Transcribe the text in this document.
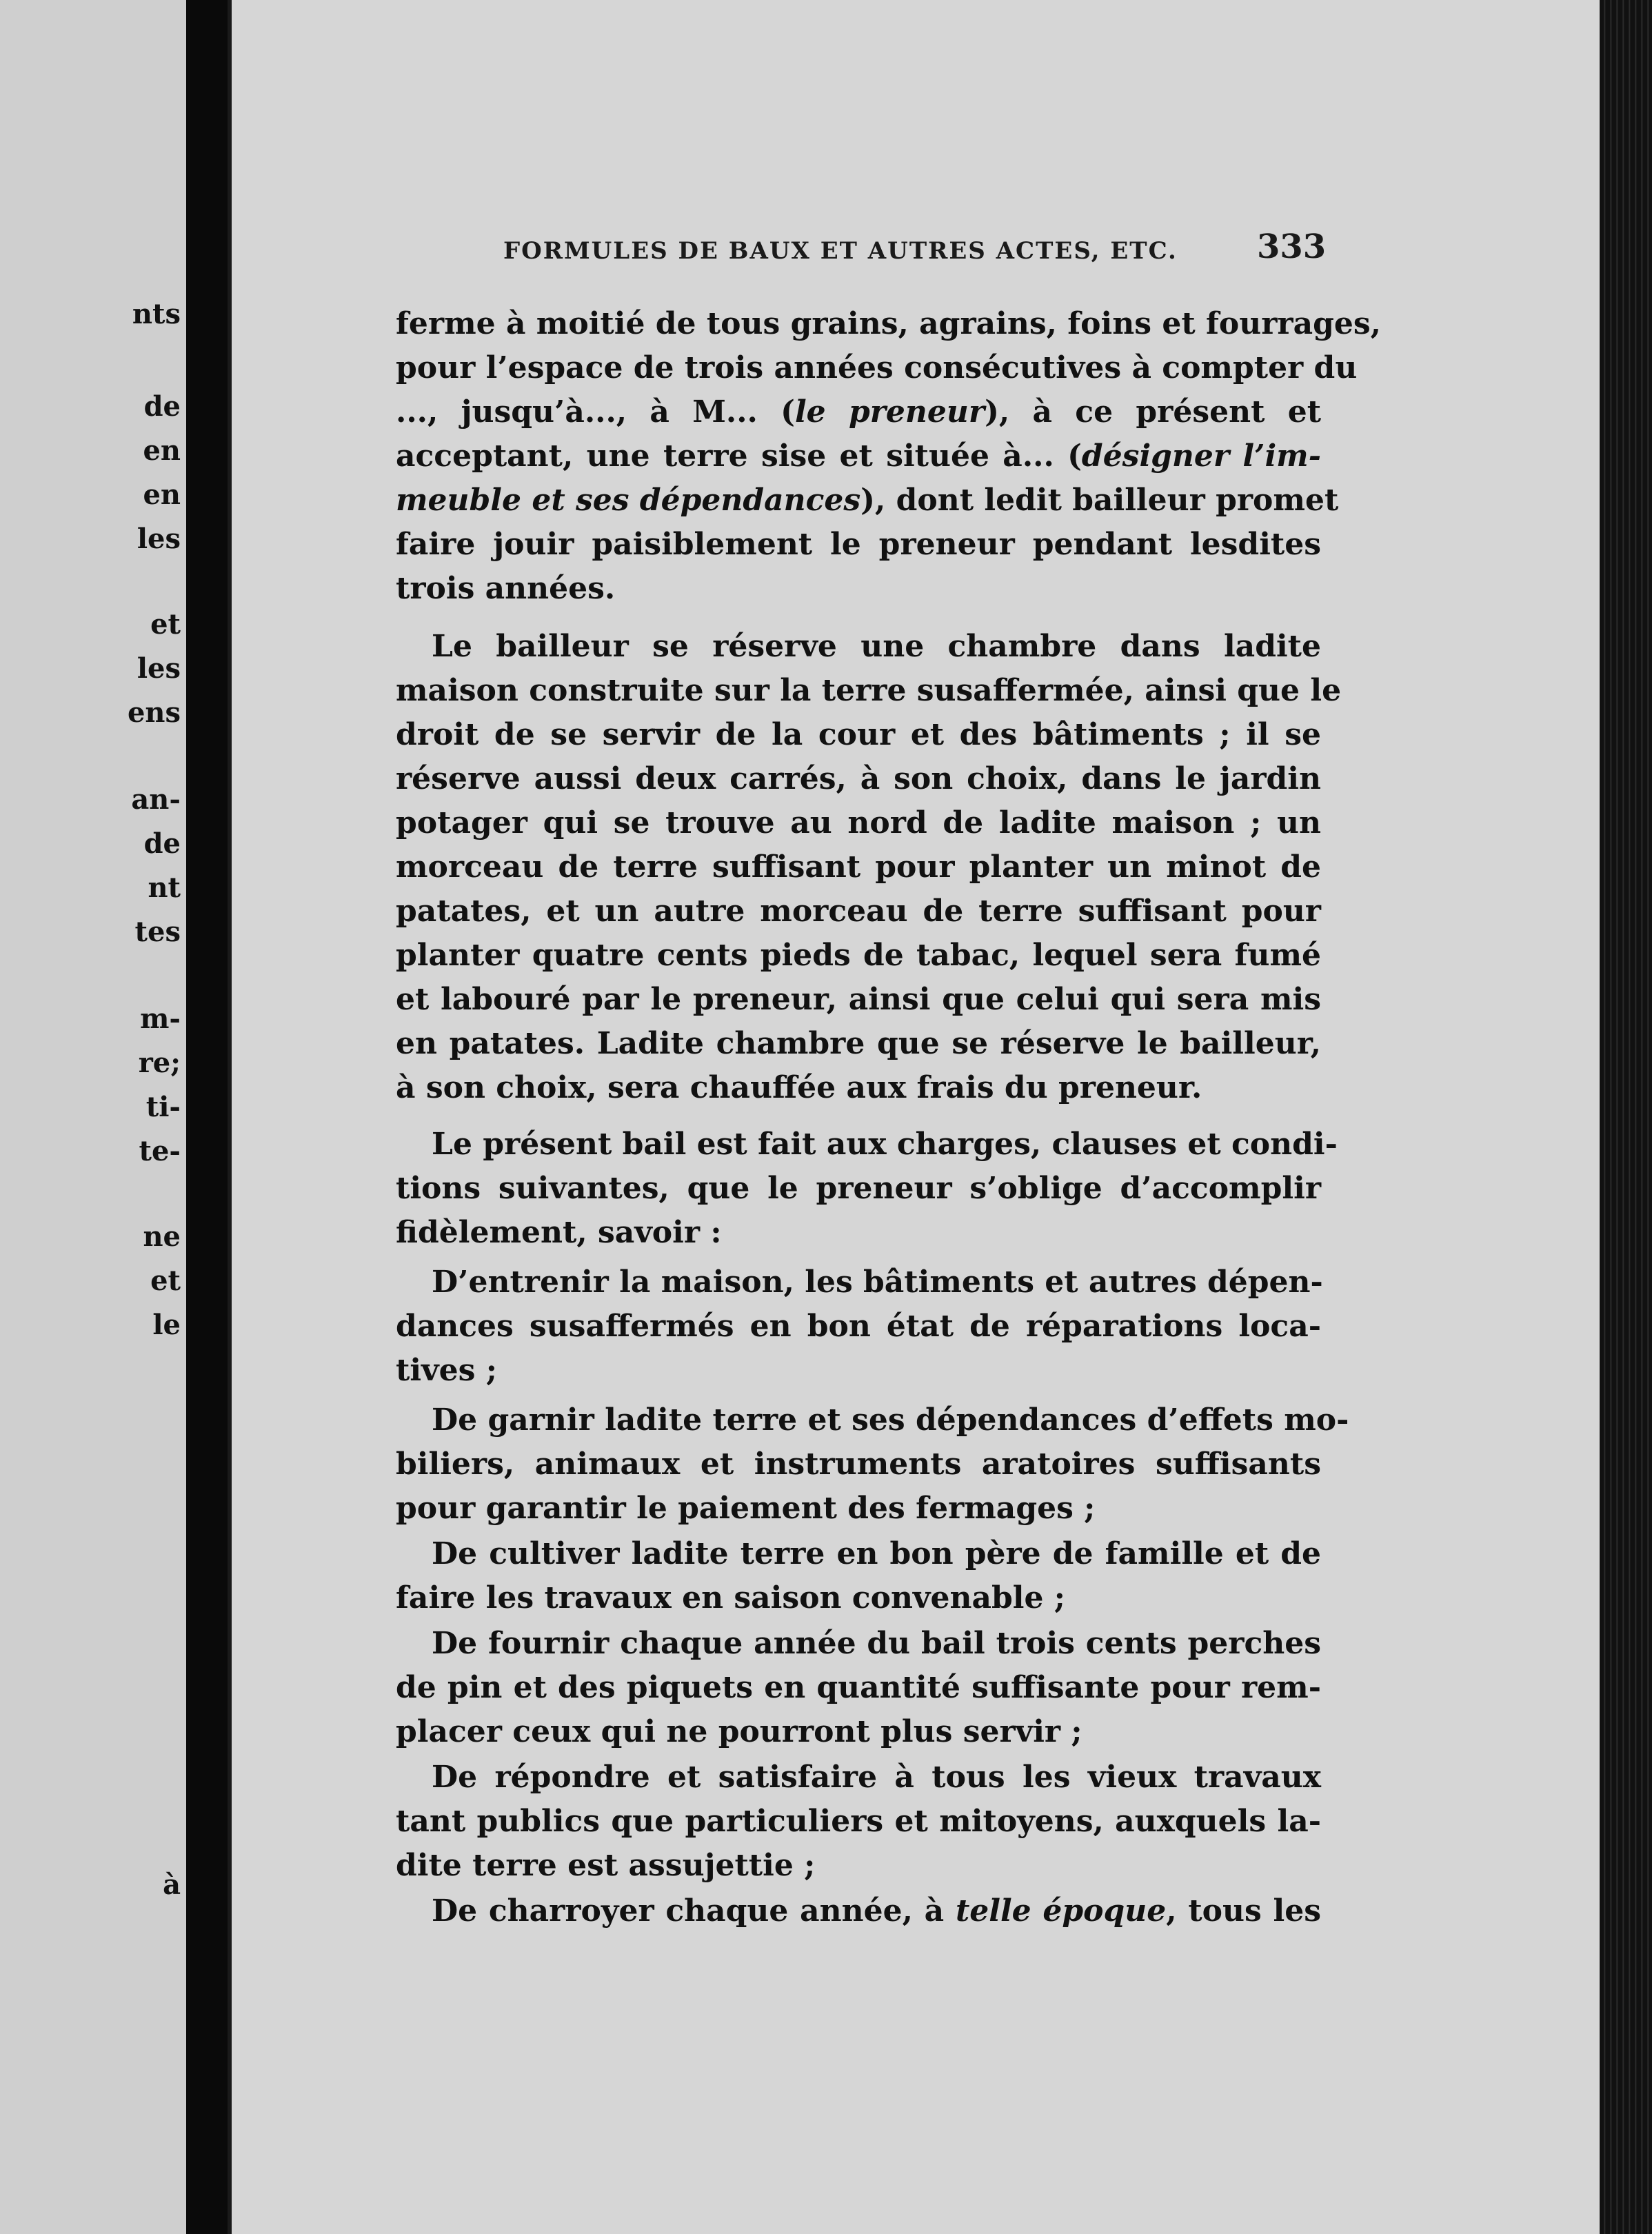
nts
de
en
en
les
et
les
ens
an-
de
nt
tes
m-
re;
ti-
te-
ne
et
le
à
FORMULES DE BAUX ET AUTRES ACTES, ETC. 333
ferme à moitié de tous grains, agrains, foins et fourrages,
pour l’espace de trois années consécutives à compter du
..., jusqu’à..., à M... (le preneur), à ce présent et
acceptant, une terre sise et située à... (désigner l’im-
meuble et ses dépendances), dont ledit bailleur promet
faire jouir paisiblement le preneur pendant lesdites
trois années.
Le bailleur se réserve une chambre dans ladite
maison construite sur la terre susaffermée, ainsi que le
droit de se servir de la cour et des bâtiments ; il se
réserve aussi deux carrés, à son choix, dans le jardin
potager qui se trouve au nord de ladite maison ; un
morceau de terre suffisant pour planter un minot de
patates, et un autre morceau de terre suffisant pour
planter quatre cents pieds de tabac, lequel sera fumé
et labouré par le preneur, ainsi que celui qui sera mis
en patates. Ladite chambre que se réserve le bailleur,
à son choix, sera chauffée aux frais du preneur.
Le présent bail est fait aux charges, clauses et condi-
tions suivantes, que le preneur s’oblige d’accomplir
fidèlement, savoir :
D’entrenir la maison, les bâtiments et autres dépen-
dances susaffermés en bon état de réparations loca-
tives ;
De garnir ladite terre et ses dépendances d’effets mo-
biliers, animaux et instruments aratoires suffisants
pour garantir le paiement des fermages ;
De cultiver ladite terre en bon père de famille et de
faire les travaux en saison convenable ;
De fournir chaque année du bail trois cents perches
de pin et des piquets en quantité suffisante pour rem-
placer ceux qui ne pourront plus servir ;
De répondre et satisfaire à tous les vieux travaux
tant publics que particuliers et mitoyens, auxquels la-
dite terre est assujettie ;
De charroyer chaque année, à telle époque, tous les
